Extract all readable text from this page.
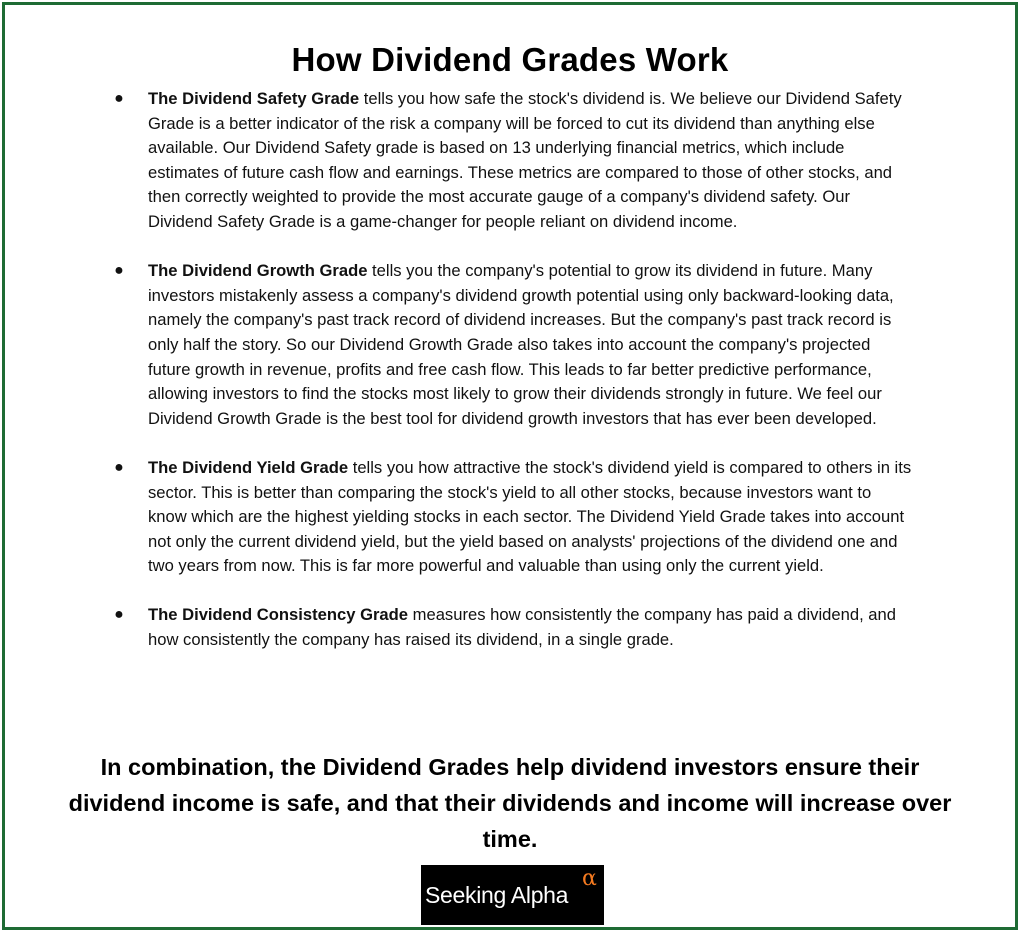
How Dividend Grades Work
● The Dividend Safety Grade tells you how safe the stock's dividend is. We believe our Dividend Safety Grade is a better indicator of the risk a company will be forced to cut its dividend than anything else available. Our Dividend Safety grade is based on 13 underlying financial metrics, which include estimates of future cash flow and earnings. These metrics are compared to those of other stocks, and then correctly weighted to provide the most accurate gauge of a company's dividend safety. Our Dividend Safety Grade is a game-changer for people reliant on dividend income.
● The Dividend Growth Grade tells you the company's potential to grow its dividend in future. Many investors mistakenly assess a company's dividend growth potential using only backward-looking data, namely the company's past track record of dividend increases. But the company's past track record is only half the story. So our Dividend Growth Grade also takes into account the company's projected future growth in revenue, profits and free cash flow. This leads to far better predictive performance, allowing investors to find the stocks most likely to grow their dividends strongly in future. We feel our Dividend Growth Grade is the best tool for dividend growth investors that has ever been developed.
● The Dividend Yield Grade tells you how attractive the stock's dividend yield is compared to others in its sector. This is better than comparing the stock's yield to all other stocks, because investors want to know which are the highest yielding stocks in each sector. The Dividend Yield Grade takes into account not only the current dividend yield, but the yield based on analysts' projections of the dividend one and two years from now. This is far more powerful and valuable than using only the current yield.
● The Dividend Consistency Grade measures how consistently the company has paid a dividend, and how consistently the company has raised its dividend, in a single grade.

In combination, the Dividend Grades help dividend investors ensure their dividend income is safe, and that their dividends and income will increase over time.

Seeking Alpha
α
